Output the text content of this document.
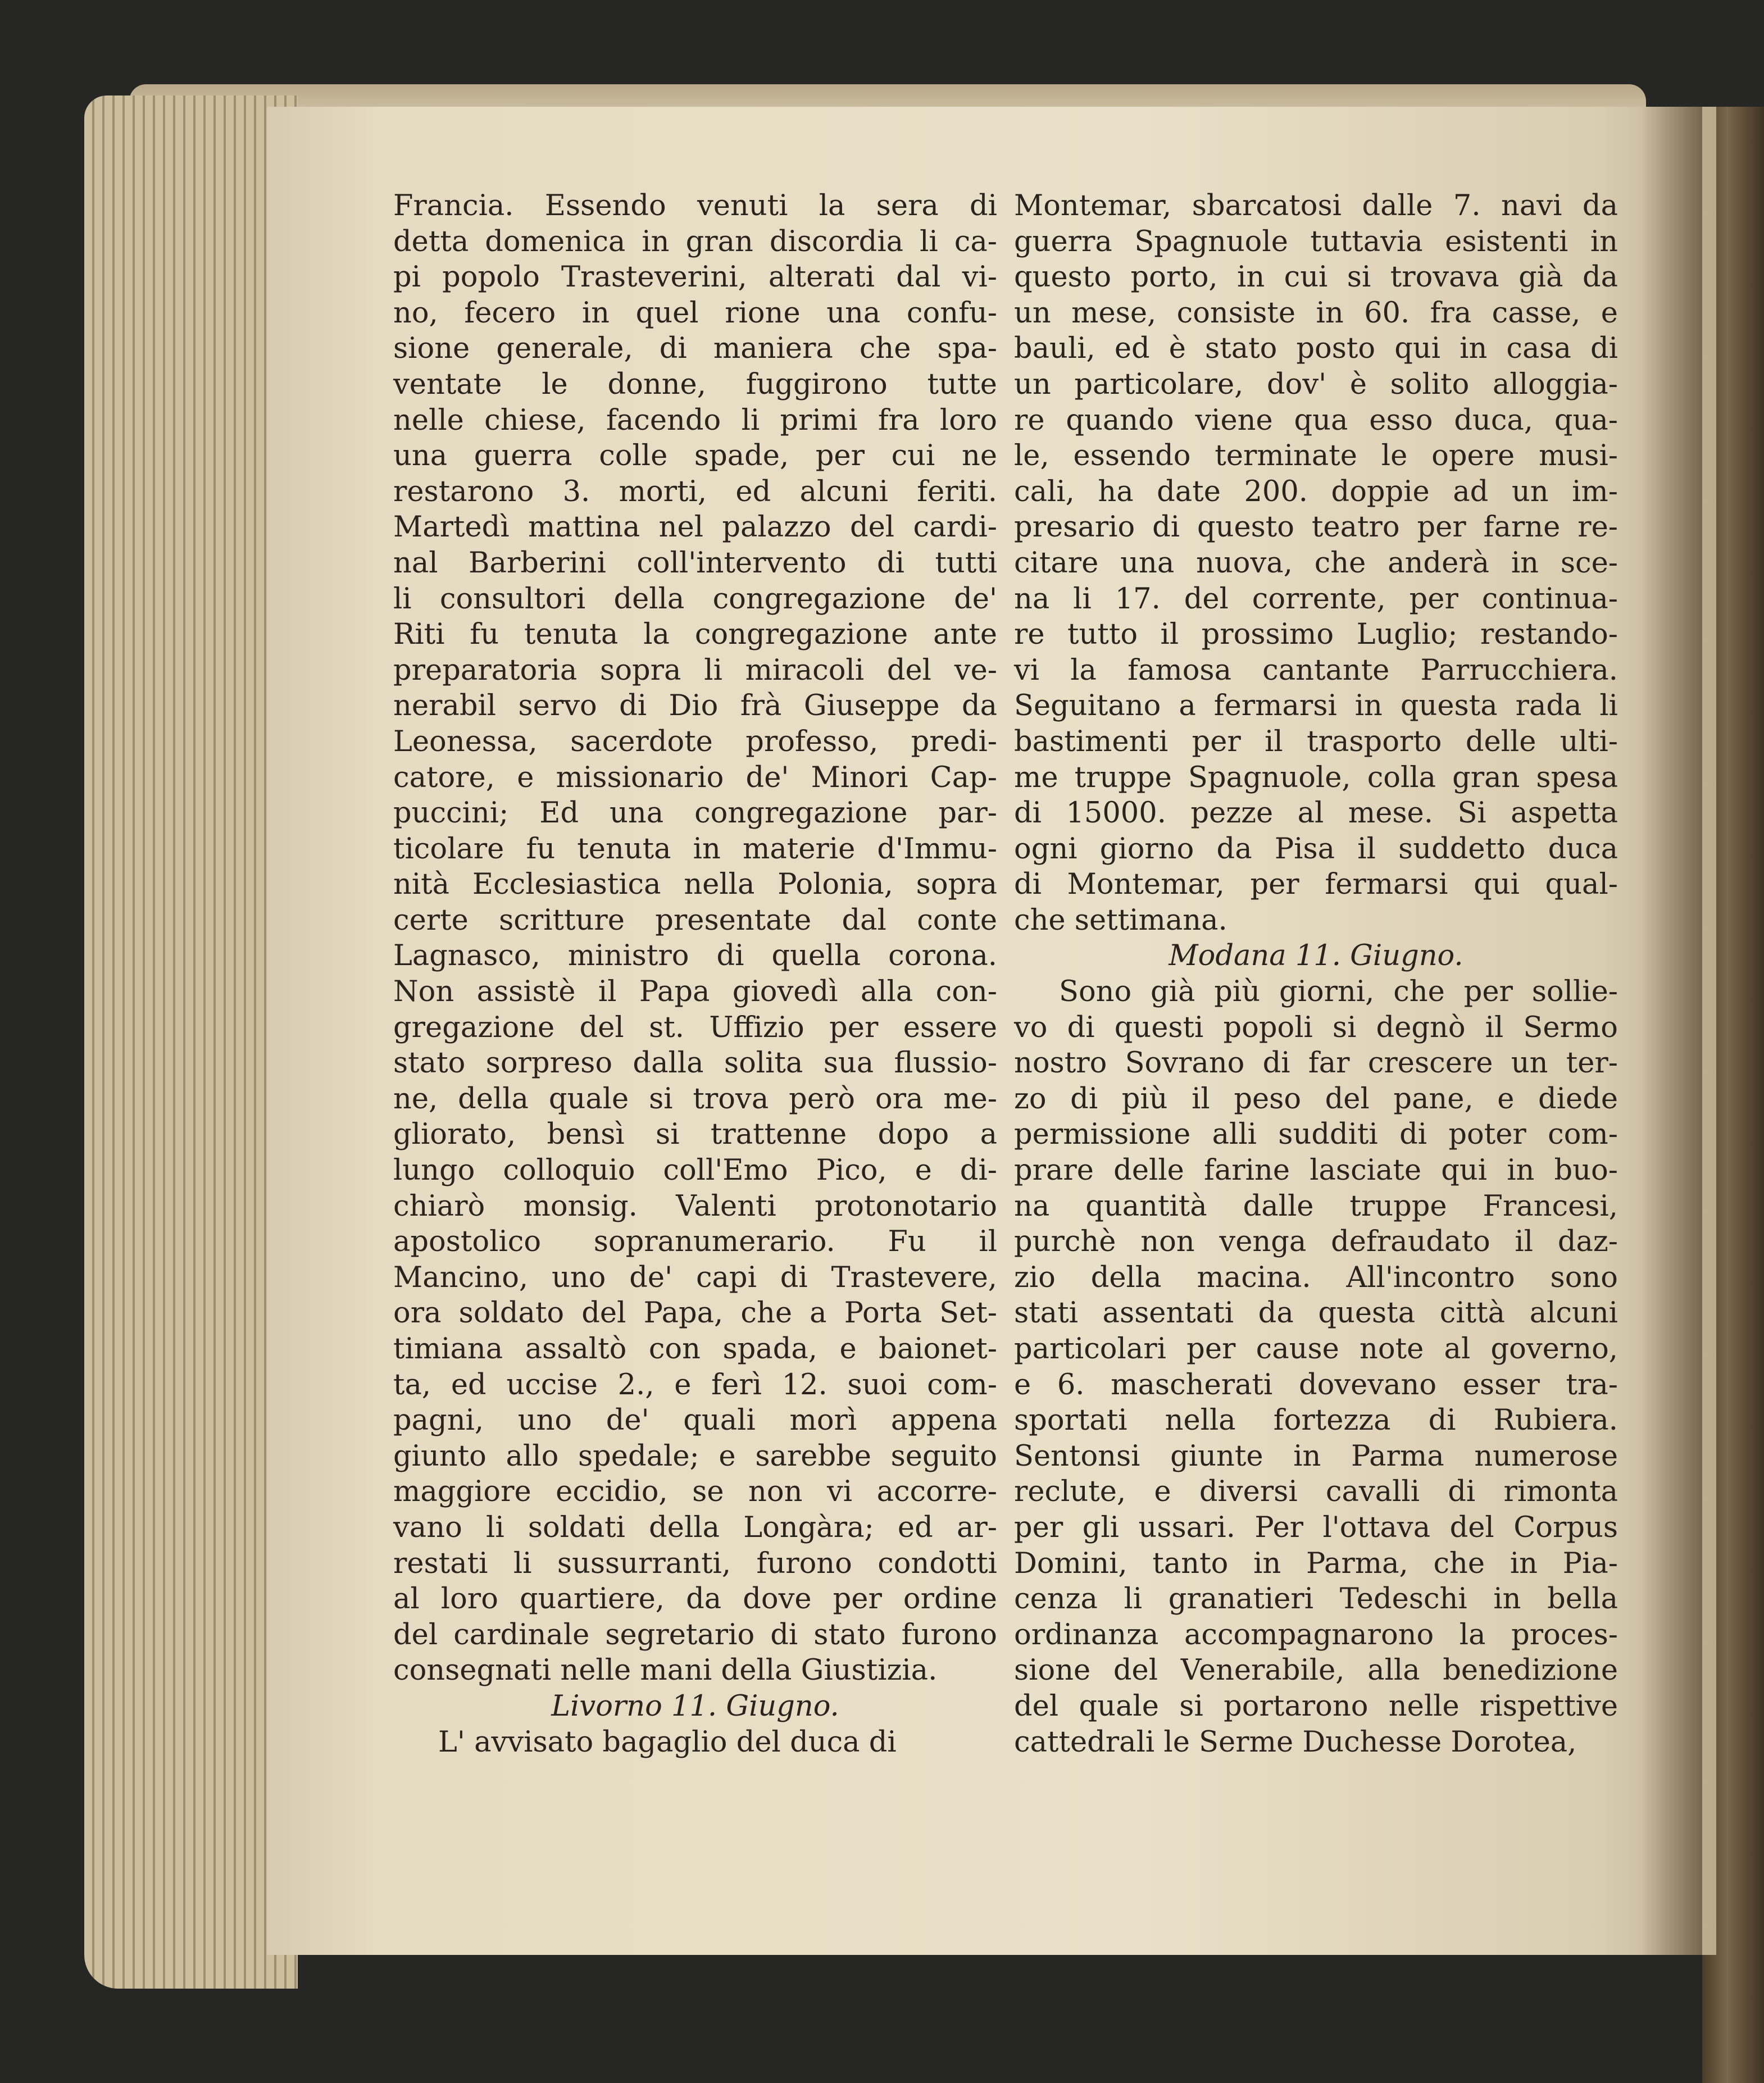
Francia. Essendo venuti la sera di
detta domenica in gran discordia li ca-
pi popolo Trasteverini, alterati dal vi-
no, fecero in quel rione una confu-
sione generale, di maniera che spa-
ventate le donne, fuggirono tutte
nelle chiese, facendo li primi fra loro
una guerra colle spade, per cui ne
restarono 3. morti, ed alcuni feriti.
Martedì mattina nel palazzo del cardi-
nal Barberini coll'intervento di tutti
li consultori della congregazione de'
Riti fu tenuta la congregazione ante
preparatoria sopra li miracoli del ve-
nerabil servo di Dio frà Giuseppe da
Leonessa, sacerdote professo, predi-
catore, e missionario de' Minori Cap-
puccini; Ed una congregazione par-
ticolare fu tenuta in materie d'Immu-
nità Ecclesiastica nella Polonia, sopra
certe scritture presentate dal conte
Lagnasco, ministro di quella corona.
Non assistè il Papa giovedì alla con-
gregazione del st. Uffizio per essere
stato sorpreso dalla solita sua flussio-
ne, della quale si trova però ora me-
gliorato, bensì si trattenne dopo a
lungo colloquio coll'Emo Pico, e di-
chiarò monsig. Valenti protonotario
apostolico sopranumerario. Fu il
Mancino, uno de' capi di Trastevere,
ora soldato del Papa, che a Porta Set-
timiana assaltò con spada, e baionet-
ta, ed uccise 2., e ferì 12. suoi com-
pagni, uno de' quali morì appena
giunto allo spedale; e sarebbe seguito
maggiore eccidio, se non vi accorre-
vano li soldati della Longàra; ed ar-
restati li sussurranti, furono condotti
al loro quartiere, da dove per ordine
del cardinale segretario di stato furono
consegnati nelle mani della Giustizia.
Livorno 11. Giugno.
L' avvisato bagaglio del duca di
Montemar, sbarcatosi dalle 7. navi da
guerra Spagnuole tuttavia esistenti in
questo porto, in cui si trovava già da
un mese, consiste in 60. fra casse, e
bauli, ed è stato posto qui in casa di
un particolare, dov' è solito alloggia-
re quando viene qua esso duca, qua-
le, essendo terminate le opere musi-
cali, ha date 200. doppie ad un im-
presario di questo teatro per farne re-
citare una nuova, che anderà in sce-
na li 17. del corrente, per continua-
re tutto il prossimo Luglio; restando-
vi la famosa cantante Parrucchiera.
Seguitano a fermarsi in questa rada li
bastimenti per il trasporto delle ulti-
me truppe Spagnuole, colla gran spesa
di 15000. pezze al mese. Si aspetta
ogni giorno da Pisa il suddetto duca
di Montemar, per fermarsi qui qual-
che settimana.
Modana 11. Giugno.
Sono già più giorni, che per sollie-
vo di questi popoli si degnò il Sermo
nostro Sovrano di far crescere un ter-
zo di più il peso del pane, e diede
permissione alli sudditi di poter com-
prare delle farine lasciate qui in buo-
na quantità dalle truppe Francesi,
purchè non venga defraudato il daz-
zio della macina. All'incontro sono
stati assentati da questa città alcuni
particolari per cause note al governo,
e 6. mascherati dovevano esser tra-
sportati nella fortezza di Rubiera.
Sentonsi giunte in Parma numerose
reclute, e diversi cavalli di rimonta
per gli ussari. Per l'ottava del Corpus
Domini, tanto in Parma, che in Pia-
cenza li granatieri Tedeschi in bella
ordinanza accompagnarono la proces-
sione del Venerabile, alla benedizione
del quale si portarono nelle rispettive
cattedrali le Serme Duchesse Dorotea,
